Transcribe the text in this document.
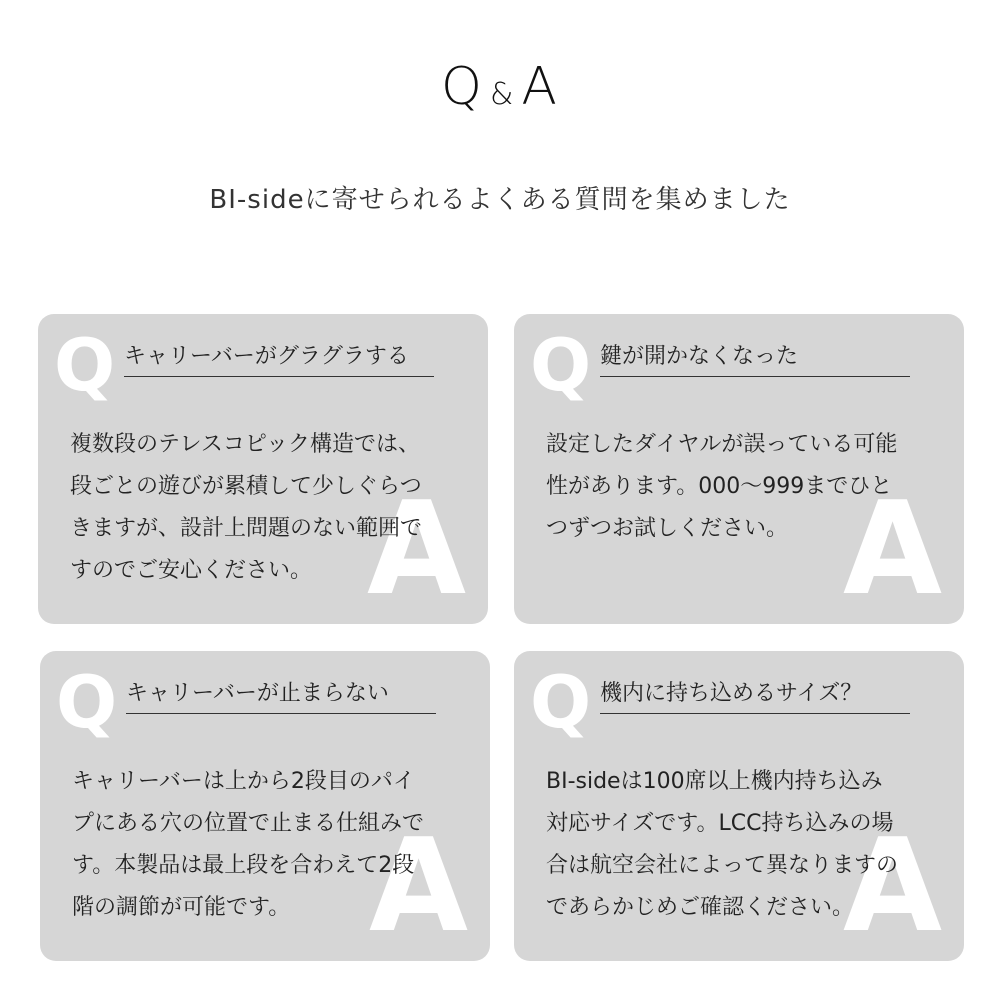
Q & A
BI-sideに寄せられるよくある質問を集めました
Q
A
キャリーバーがグラグラする
複数段のテレスコピック構造では、
段ごとの遊びが累積して少しぐらつ
きますが、設計上問題のない範囲で
すのでご安心ください。
Q
A
鍵が開かなくなった
設定したダイヤルが誤っている可能
性があります。000〜999までひと
つずつお試しください。
Q
A
キャリーバーが止まらない
キャリーバーは上から2段目のパイ
プにある穴の位置で止まる仕組みで
す。本製品は最上段を合わえて2段
階の調節が可能です。
Q
A
機内に持ち込めるサイズ？
BI-sideは100席以上機内持ち込み
対応サイズです。LCC持ち込みの場
合は航空会社によって異なりますの
であらかじめご確認ください。
